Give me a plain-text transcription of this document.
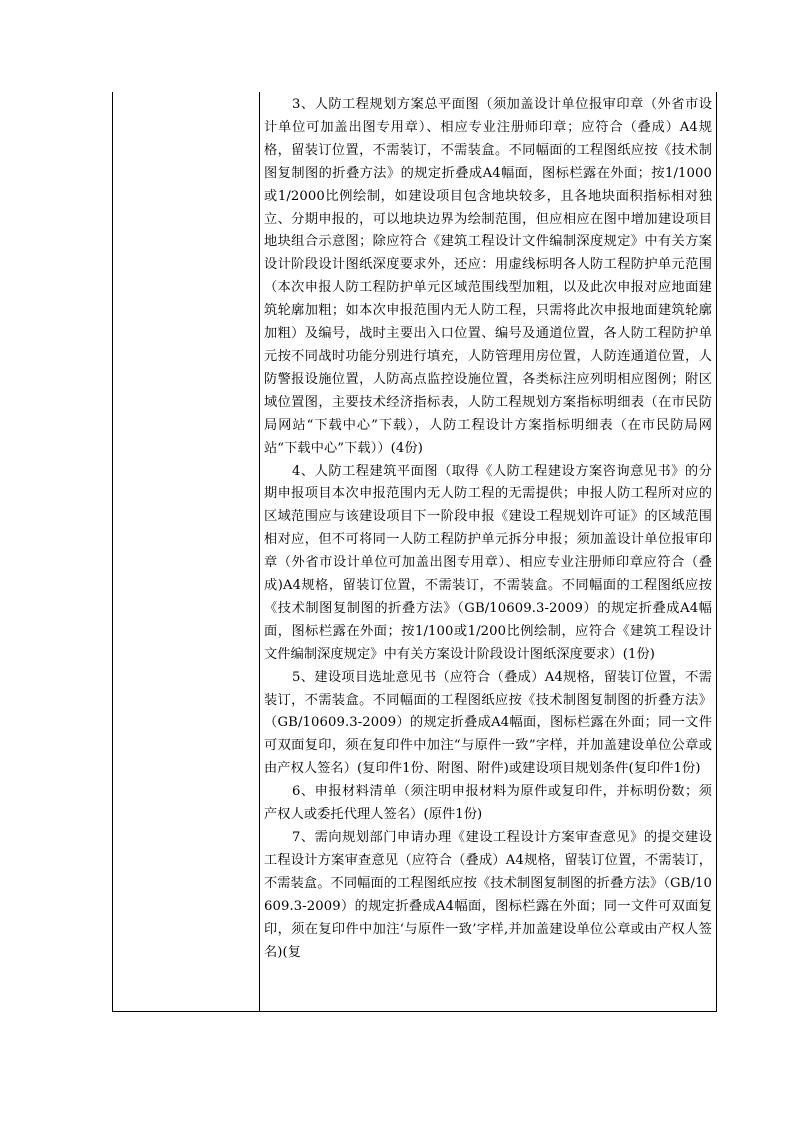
3、人防工程规划方案总平面图（须加盖设计单位报审印章（外省市设计单位可加盖出图专用章）、相应专业注册师印章；应符合（叠成）A4规格，留装订位置，不需装订，不需装盒。不同幅面的工程图纸应按《技术制图复制图的折叠方法》的规定折叠成A4幅面，图标栏露在外面；按1/1000或1/2000比例绘制，如建设项目包含地块较多，且各地块面积指标相对独立、分期申报的，可以地块边界为绘制范围，但应相应在图中增加建设项目地块组合示意图；除应符合《建筑工程设计文件编制深度规定》中有关方案设计阶段设计图纸深度要求外，还应：用虚线标明各人防工程防护单元范围（本次申报人防工程防护单元区域范围线型加粗，以及此次申报对应地面建筑轮廓加粗；如本次申报范围内无人防工程，只需将此次申报地面建筑轮廓加粗）及编号，战时主要出入口位置、编号及通道位置，各人防工程防护单元按不同战时功能分别进行填充，人防管理用房位置，人防连通道位置，人防警报设施位置，人防高点监控设施位置，各类标注应列明相应图例；附区域位置图，主要技术经济指标表，人防工程规划方案指标明细表（在市民防局网站“下载中心”下载），人防工程设计方案指标明细表（在市民防局网站“下载中心”下载））(4份)

4、人防工程建筑平面图（取得《人防工程建设方案咨询意见书》的分期申报项目本次申报范围内无人防工程的无需提供；申报人防工程所对应的区域范围应与该建设项目下一阶段申报《建设工程规划许可证》的区域范围相对应，但不可将同一人防工程防护单元拆分申报；须加盖设计单位报审印章（外省市设计单位可加盖出图专用章）、相应专业注册师印章应符合（叠成)A4规格，留装订位置，不需装订，不需装盒。不同幅面的工程图纸应按《技术制图复制图的折叠方法》（GB/10609.3-2009）的规定折叠成A4幅面，图标栏露在外面；按1/100或1/200比例绘制，应符合《建筑工程设计文件编制深度规定》中有关方案设计阶段设计图纸深度要求）(1份)

5、建设项目选址意见书（应符合（叠成）A4规格，留装订位置，不需装订，不需装盒。不同幅面的工程图纸应按《技术制图复制图的折叠方法》（GB/10609.3-2009）的规定折叠成A4幅面，图标栏露在外面；同一文件可双面复印，须在复印件中加注“与原件一致”字样，并加盖建设单位公章或由产权人签名）(复印件1份、附图、附件)或建设项目规划条件(复印件1份)

6、申报材料清单（须注明申报材料为原件或复印件，并标明份数；须产权人或委托代理人签名）(原件1份)

7、需向规划部门申请办理《建设工程设计方案审查意见》的提交建设工程设计方案审查意见（应符合（叠成）A4规格，留装订位置，不需装订，不需装盒。不同幅面的工程图纸应按《技术制图复制图的折叠方法》（GB/10609.3-2009）的规定折叠成A4幅面，图标栏露在外面；同一文件可双面复印，须在复印件中加注‘与原件一致’字样,并加盖建设单位公章或由产权人签名)(复
